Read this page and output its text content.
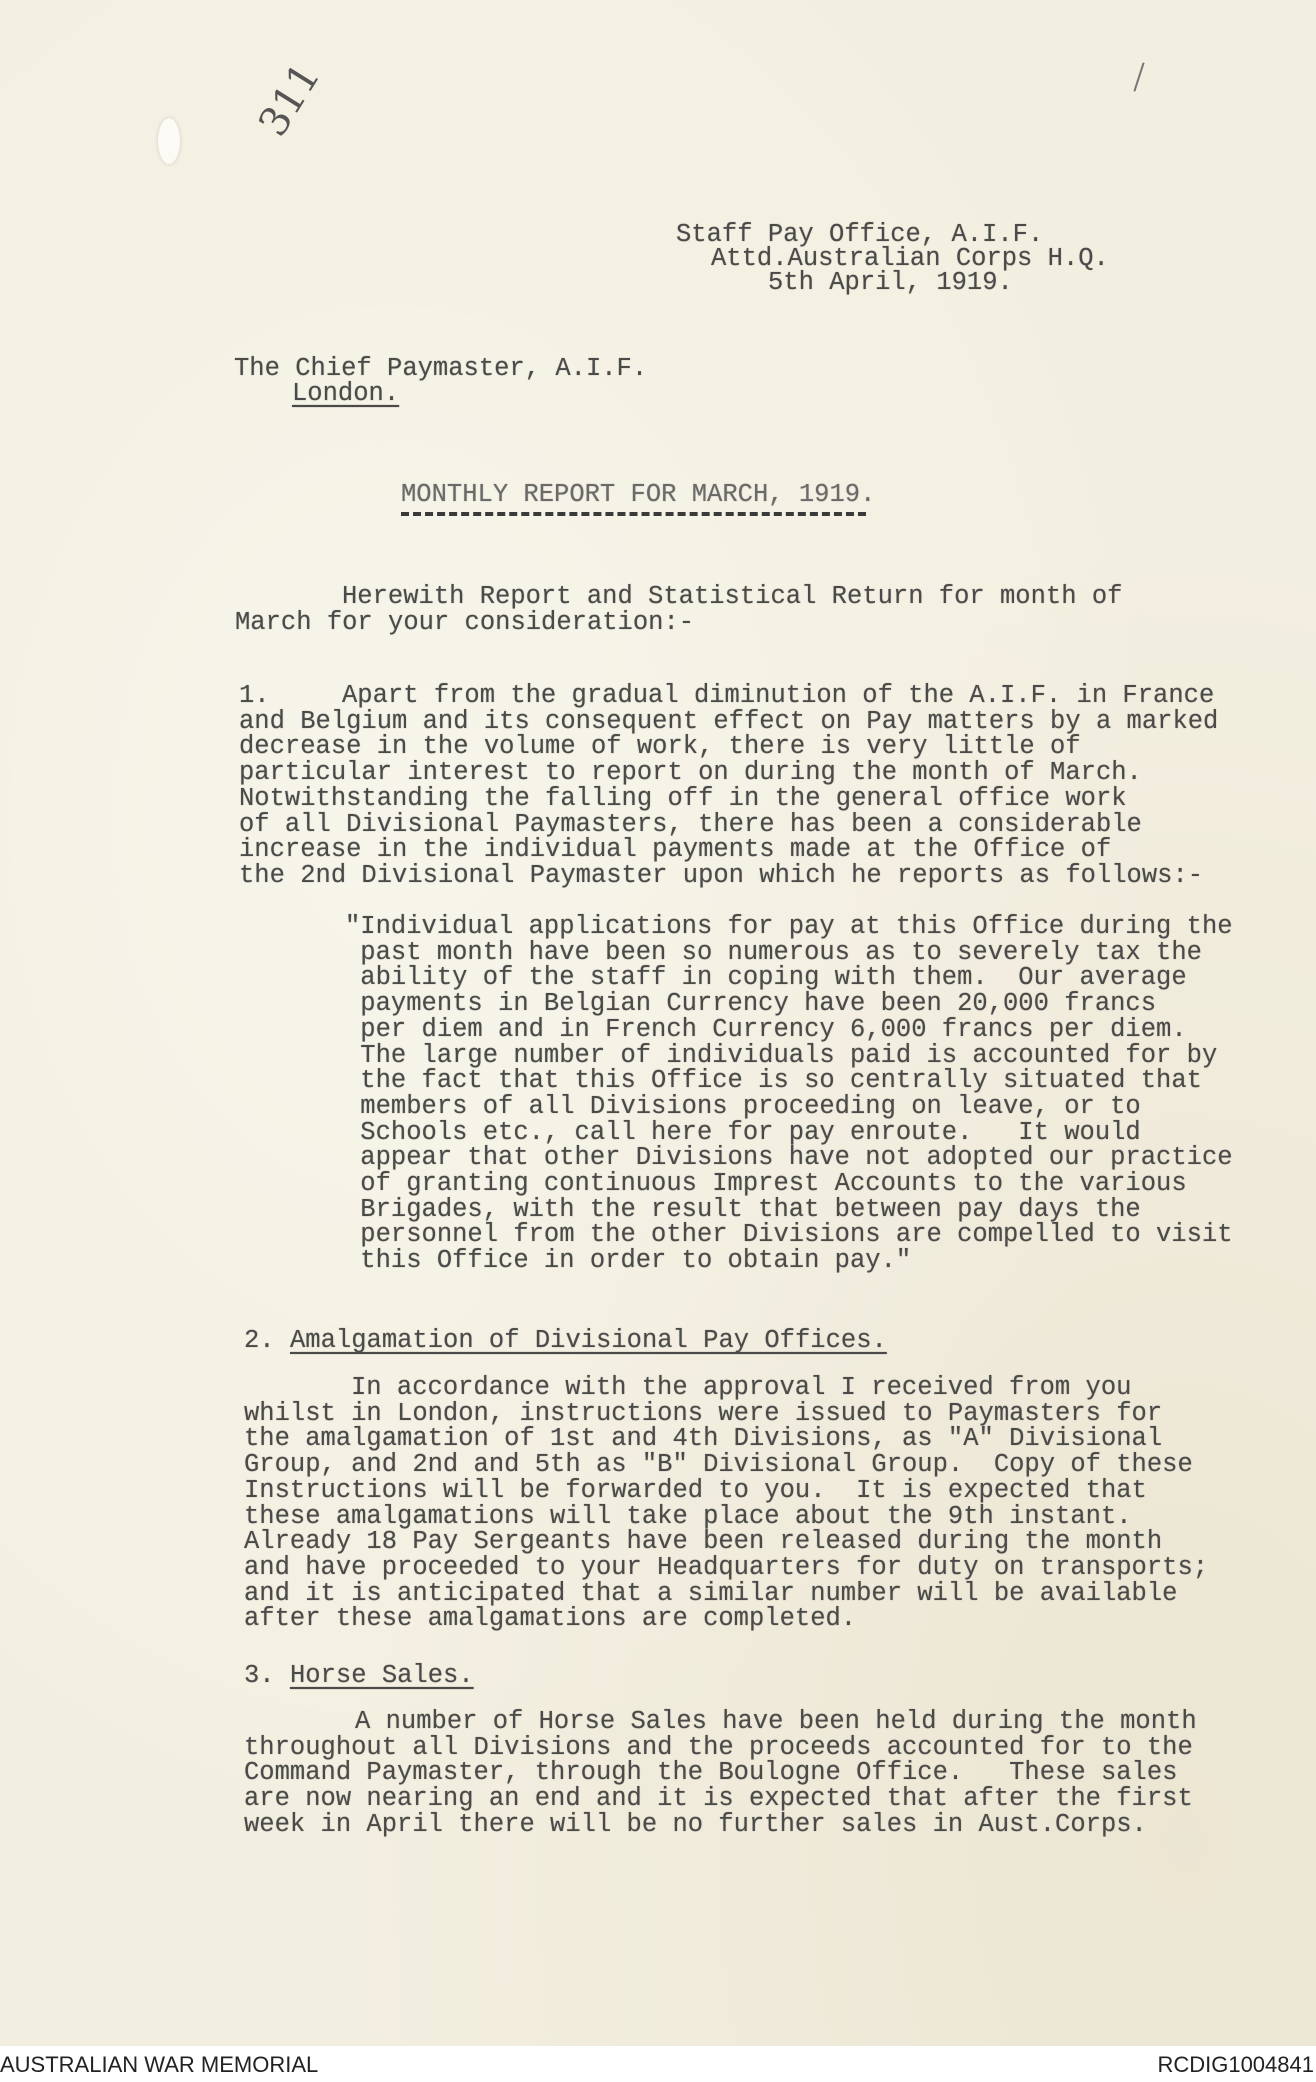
311
Staff Pay Office, A.I.F.
Attd.Australian Corps H.Q.
5th April, 1919.
The Chief Paymaster, A.I.F.
London.
MONTHLY REPORT FOR MARCH, 1919.
Herewith Report and Statistical Return for month of
March for your consideration:-
1.	Apart from the gradual diminution of the A.I.F. in France
and Belgium and its consequent effect on Pay matters by a marked
decrease in the volume of work, there is very little of
particular interest to report on during the month of March.
Notwithstanding the falling off in the general office work
of all Divisional Paymasters, there has been a considerable
increase in the individual payments made at the Office of
the 2nd Divisional Paymaster upon which he reports as follows:-
"Individual applications for pay at this Office during the
past month have been so numerous as to severely tax the
ability of the staff in coping with them.  Our average
payments in Belgian Currency have been 20,000 francs
per diem and in French Currency 6,000 francs per diem.
The large number of individuals paid is accounted for by
the fact that this Office is so centrally situated that
members of all Divisions proceeding on leave, or to
Schools etc., call here for pay enroute.   It would
appear that other Divisions have not adopted our practice
of granting continuous Imprest Accounts to the various
Brigades, with the result that between pay days the
personnel from the other Divisions are compelled to visit
this Office in order to obtain pay."
2. Amalgamation of Divisional Pay Offices.
In accordance with the approval I received from you
whilst in London, instructions were issued to Paymasters for
the amalgamation of 1st and 4th Divisions, as "A" Divisional
Group, and 2nd and 5th as "B" Divisional Group.  Copy of these
Instructions will be forwarded to you.  It is expected that
these amalgamations will take place about the 9th instant.
Already 18 Pay Sergeants have been released during the month
and have proceeded to your Headquarters for duty on transports;
and it is anticipated that a similar number will be available
after these amalgamations are completed.
3. Horse Sales.
A number of Horse Sales have been held during the month
throughout all Divisions and the proceeds accounted for to the
Command Paymaster, through the Boulogne Office.   These sales
are now nearing an end and it is expected that after the first
week in April there will be no further sales in Aust.Corps.
AUSTRALIAN WAR MEMORIAL	RCDIG1004841
